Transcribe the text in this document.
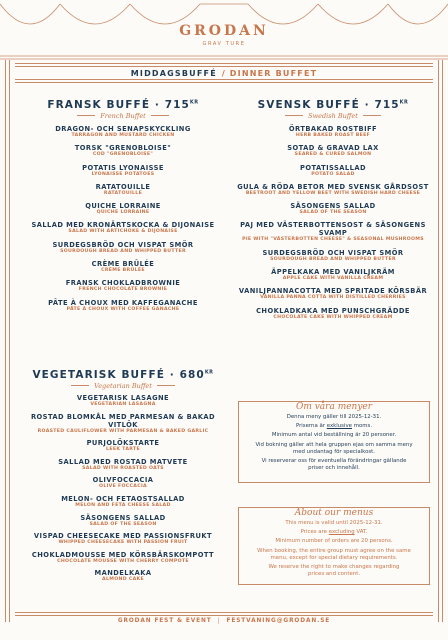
GRODAN
GRAV TURE
MIDDAGSBUFFÉ / DINNER BUFFET
FRANSK BUFFÉ · $715^{KR}$
French Buffet
DRAGON- OCH SENAPSKYCKLING
TARRAGON AND MUSTARD CHICKEN
TORSK "GRENOBLOISE"
COD "GRENOBLOISE"
POTATIS LYONAISSE
LYONAISSE POTATOES
RATATOUILLE
RATATOUILLE
QUICHE LORRAINE
QUICHE LORRAINE
SALLAD MED KRONÄRTSKOCKA & DIJONAISE
SALAD WITH ARTICHOKE & DIJONAISE
SURDEGSBRÖD OCH VISPAT SMÖR
SOURDOUGH BREAD AND WHIPPED BUTTER
CRÈME BRÛLÉE
CRÈME BRÛLÉE
FRANSK CHOKLADBROWNIE
FRENCH CHOCOLATE BROWNIE
PÂTE À CHOUX MED KAFFEGANACHE
PÂTE À CHOUX WITH COFFEE GANACHE
SVENSK BUFFÉ · $715^{KR}$
Swedish Buffet
ÖRTBAKAD ROSTBIFF
HERB BAKED ROAST BEEF
SOTAD & GRAVAD LAX
SEARED & CURED SALMON
POTATISSALLAD
POTATO SALAD
GULA & RÖDA BETOR MED SVENSK GÅRDSOST
BEETROOT AND YELLOW BEET WITH SWEDISH HARD CHEESE
SÄSONGENS SALLAD
SALAD OF THE SEASON
PAJ MED VÄSTERBOTTENSOST & SÄSONGENS SVAMP
PIE WITH "VÄSTERBOTTEN CHEESE" & SEASONAL MUSHROOMS
SURDEGSBRÖD OCH VISPAT SMÖR
SOURDOUGH BREAD AND WHIPPED BUTTER
ÄPPELKAKA MED VANILJKRÄM
APPLE CAKE WITH VANILLA CREAM
VANILJPANNACOTTA MED SPRITADE KÖRSBÄR
VANILLA PANNA COTTA WITH DISTILLED CHERRIES
CHOKLADKAKA MED PUNSCHGRÄDDE
CHOCOLATE CAKE WITH WHIPPED CREAM
VEGETARISK BUFFÉ · $680^{KR}$
Vegetarian Buffet
VEGETARISK LASAGNE
VEGETARIAN LASAGNA
ROSTAD BLOMKÅL MED PARMESAN & BAKAD VITLÖK
ROASTED CAULIFLOWER WITH PARMESAN & BAKED GARLIC
PURJOLÖKSTARTE
LEEK TARTE
SALLAD MED ROSTAD MATVETE
SALAD WITH ROASTED OATS
OLIVFOCCACIA
OLIVE FOCCACIA
MELON- OCH FETAOSTSALLAD
MELON AND FETA CHEESE SALAD
SÄSONGENS SALLAD
SALAD OF THE SEASON
VISPAD CHEESECAKE MED PASSIONSFRUKT
WHIPPED CHEESECAKE WITH PASSION FRUIT
CHOKLADMOUSSE MED KÖRSBÄRSKOMPOTT
CHOCOLATE MOUSSE WITH CHERRY COMPOTE
MANDELKAKA
ALMOND CAKE
Om våra menyer

Denna meny gäller till 2025-12-31.

Priserna är exklusive moms.

Minimum antal vid beställning är 20 personer.

Vid bokning gäller att hela gruppen ejas om samma meny

med undantag för specialkost.

Vi reserverar oss för eventuella förändringar gällande

priser och innehåll.

About our menus

This menu is valid until 2025-12-31.

Prices are excluding VAT.

Minimum number of orders are 20 persons.

When booking, the entire group must agree on the same

menu, except for special dietary requirements.

We reserve the right to make changes regarding

prices and content.

GRODAN FEST & EVENT | FESTVANING@GRODAN.SE
